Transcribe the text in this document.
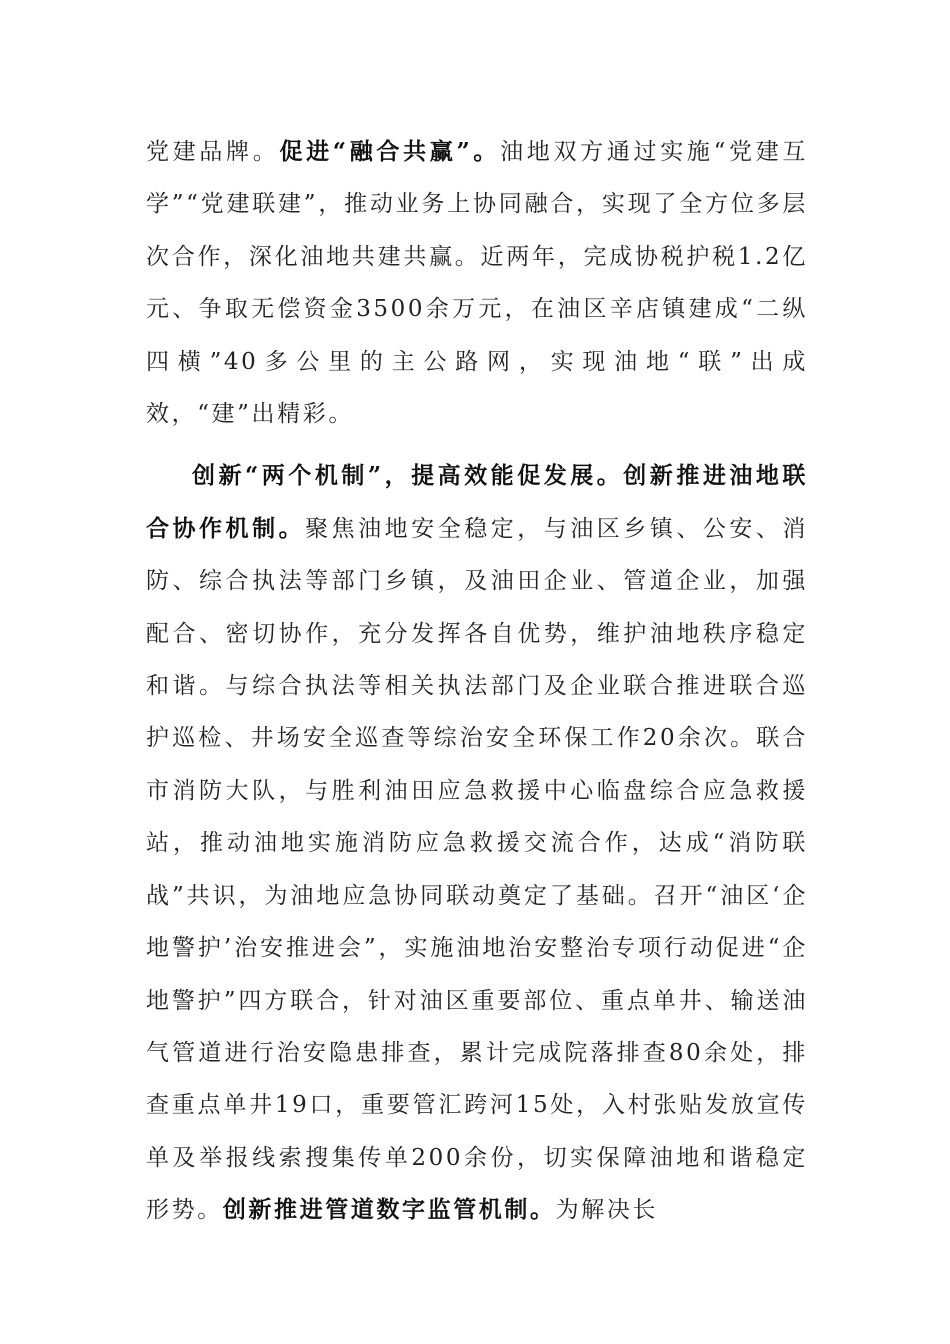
党建品牌。促进“融合共赢”。油地双方通过实施“党建互学”“党建联建”，推动业务上协同融合，实现了全方位多层次合作，深化油地共建共赢。近两年，完成协税护税1.2亿元、争取无偿资金3500余万元，在油区辛店镇建成“二纵四横”40多公里的主公路网，实现油地“联”出成效，“建”出精彩。

创新“两个机制”，提高效能促发展。创新推进油地联合协作机制。聚焦油地安全稳定，与油区乡镇、公安、消防、综合执法等部门乡镇，及油田企业、管道企业，加强配合、密切协作，充分发挥各自优势，维护油地秩序稳定和谐。与综合执法等相关执法部门及企业联合推进联合巡护巡检、井场安全巡查等综治安全环保工作20余次。联合市消防大队，与胜利油田应急救援中心临盘综合应急救援站，推动油地实施消防应急救援交流合作，达成“消防联战”共识，为油地应急协同联动奠定了基础。召开“油区‘企地警护’治安推进会”，实施油地治安整治专项行动促进“企地警护”四方联合，针对油区重要部位、重点单井、输送油气管道进行治安隐患排查，累计完成院落排查80余处，排查重点单井19口，重要管汇跨河15处，入村张贴发放宣传单及举报线索搜集传单200余份，切实保障油地和谐稳定形势。创新推进管道数字监管机制。为解决长
